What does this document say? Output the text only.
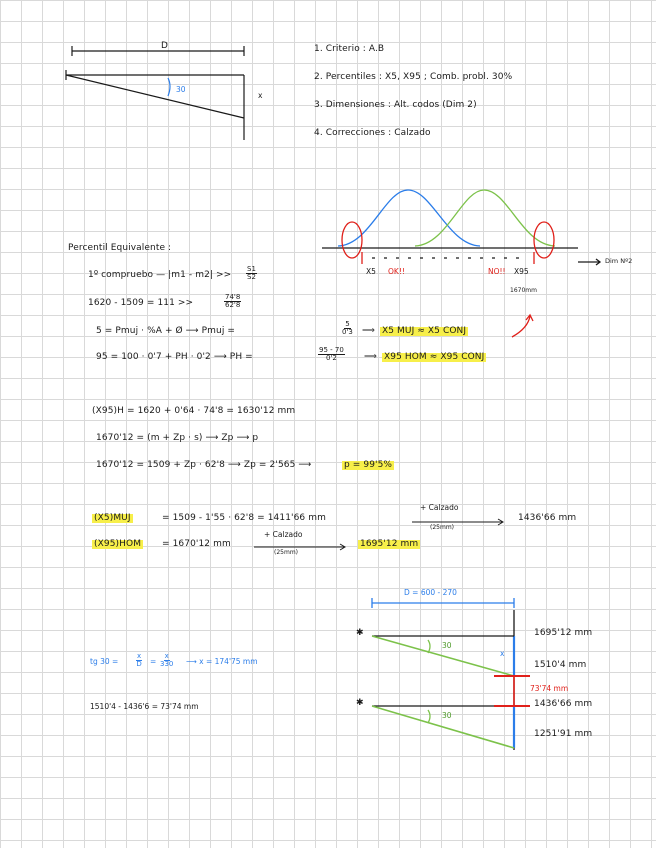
D
30
x
1. Criterio : A.B
2. Percentiles : X5, X95 ; Comb. probl. 30%
3. Dimensiones : Alt. codos (Dim 2)
4. Correcciones : Calzado
X5 OK!!	NO!! X95
1670mm
Dim Nº2
Percentil Equivalente :
1º compruebo — $|m1 - m2| >> \frac{S1}{S2}$
1620 - 1509 = 111 >>	$\frac{74'8}{62'8}$
5 = Pmuj · %A + Ø ⟶ Pmuj =	$\frac{5}{0'3}$ ⟹ X5 MUJ ≈ X5 CONJ
95 = 100 · 0'7 + PH · 0'2 ⟶ PH =	$\frac{95 - 70}{0'2}$ ⟹ X95 HOM ≈ X95 CONJ
(X95)H = 1620 + 0'64 · 74'8 = 1630'12 mm
1670'12 = (m + Zp · s) ⟶ Zp ⟶ p
1670'12 = 1509 + Zp · 62'8 ⟶ Zp = 2'565 ⟶	p = 99'5%
(X5)MUJ	= 1509 - 1'55 · 62'8 = 1411'66 mm
+ Calzado
(25mm)
1436'66 mm
(X95)HOM = 1670'12 mm
+ Calzado
(25mm)
1695'12 mm
tg 30 =	$\frac{x}{D} = \frac{x}{330}$ ⟶ x = 174'75 mm
1510'4 - 1436'6 = 73'74 mm
D = 600 - 270
✱
✱
30
30
x
1695'12 mm
1510'4 mm
73'74 mm
1436'66 mm
1251'91 mm
